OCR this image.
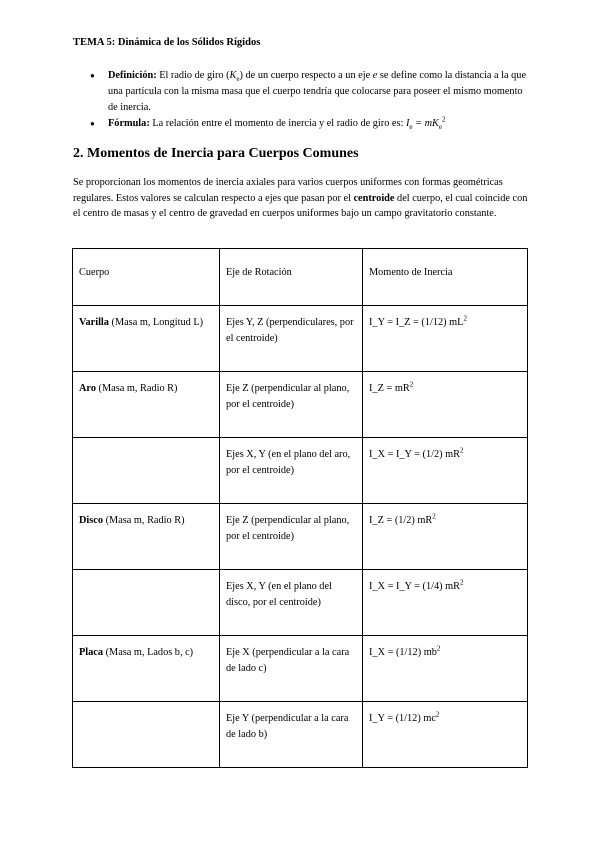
TEMA 5: Dinámica de los Sólidos Rígidos
● Definición: El radio de giro $(K_e)$ de un cuerpo respecto a un eje e se define como la distancia a la que una partícula con la misma masa que el cuerpo tendría que colocarse para poseer el mismo momento de inercia.
● Fórmula: La relación entre el momento de inercia y el radio de giro es: $I_e = mK_e^2$
2. Momentos de Inercia para Cuerpos Comunes
Se proporcionan los momentos de inercia axiales para varios cuerpos uniformes con formas geométricas regulares. Estos valores se calculan respecto a ejes que pasan por el centroide del cuerpo, el cual coincide con el centro de masas y el centro de gravedad en cuerpos uniformes bajo un campo gravitatorio constante.
Cuerpo	Eje de Rotación	Momento de Inercia
Varilla (Masa m, Longitud L)	Ejes Y, Z (perpendiculares, por el centroide)	I_Y = I_Z = (1/12) $mL^2$
Aro (Masa m, Radio R)	Eje Z (perpendicular al plano, por el centroide)	I_Z = $mR^2$
	Ejes X, Y (en el plano del aro, por el centroide)	I_X = I_Y = (1/2) $mR^2$
Disco (Masa m, Radio R)	Eje Z (perpendicular al plano, por el centroide)	I_Z = (1/2) $mR^2$
	Ejes X, Y (en el plano del disco, por el centroide)	I_X = I_Y = (1/4) $mR^2$
Placa (Masa m, Lados b, c)	Eje X (perpendicular a la cara de lado c)	I_X = (1/12) $mb^2$
	Eje Y (perpendicular a la cara de lado b)	I_Y = (1/12) $mc^2$
